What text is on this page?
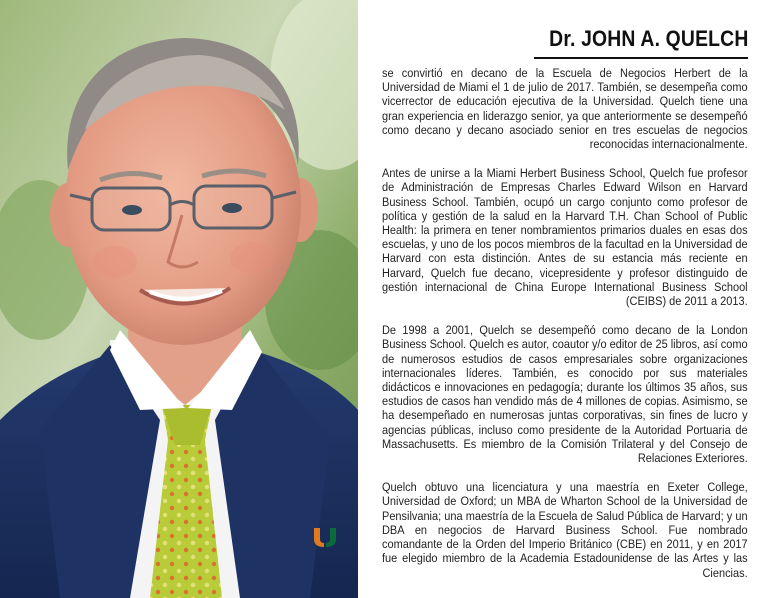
Dr. JOHN A. QUELCH

se convirtió en decano de la Escuela de Negocios Herbert de la Universidad de Miami el 1 de julio de 2017. También, se desempeña como vicerrector de educación ejecutiva de la Universidad. Quelch tiene una gran experiencia en liderazgo senior, ya que anteriormente se desempeñó como decano y decano asociado senior en tres escuelas de negocios reconocidas internacionalmente.

Antes de unirse a la Miami Herbert Business School, Quelch fue profesor de Administración de Empresas Charles Edward Wilson en Harvard Business School. También, ocupó un cargo conjunto como profesor de política y gestión de la salud en la Harvard T.H. Chan School of Public Health: la primera en tener nombramientos primarios duales en esas dos escuelas, y uno de los pocos miembros de la facultad en la Universidad de Harvard con esta distinción. Antes de su estancia más reciente en Harvard, Quelch fue decano, vicepresidente y profesor distinguido de gestión internacional de China Europe International Business School (CEIBS) de 2011 a 2013.

De 1998 a 2001, Quelch se desempeñó como decano de la London Business School. Quelch es autor, coautor y/o editor de 25 libros, así como de numerosos estudios de casos empresariales sobre organizaciones internacionales líderes. También, es conocido por sus materiales didácticos e innovaciones en pedagogía; durante los últimos 35 años, sus estudios de casos han vendido más de 4 millones de copias. Asimismo, se ha desempeñado en numerosas juntas corporativas, sin fines de lucro y agencias públicas, incluso como presidente de la Autoridad Portuaria de Massachusetts. Es miembro de la Comisión Trilateral y del Consejo de Relaciones Exteriores.

Quelch obtuvo una licenciatura y una maestría en Exeter College, Universidad de Oxford; un MBA de Wharton School de la Universidad de Pensilvania; una maestría de la Escuela de Salud Pública de Harvard; y un DBA en negocios de Harvard Business School. Fue nombrado comandante de la Orden del Imperio Británico (CBE) en 2011, y en 2017 fue elegido miembro de la Academia Estadounidense de las Artes y las Ciencias.
